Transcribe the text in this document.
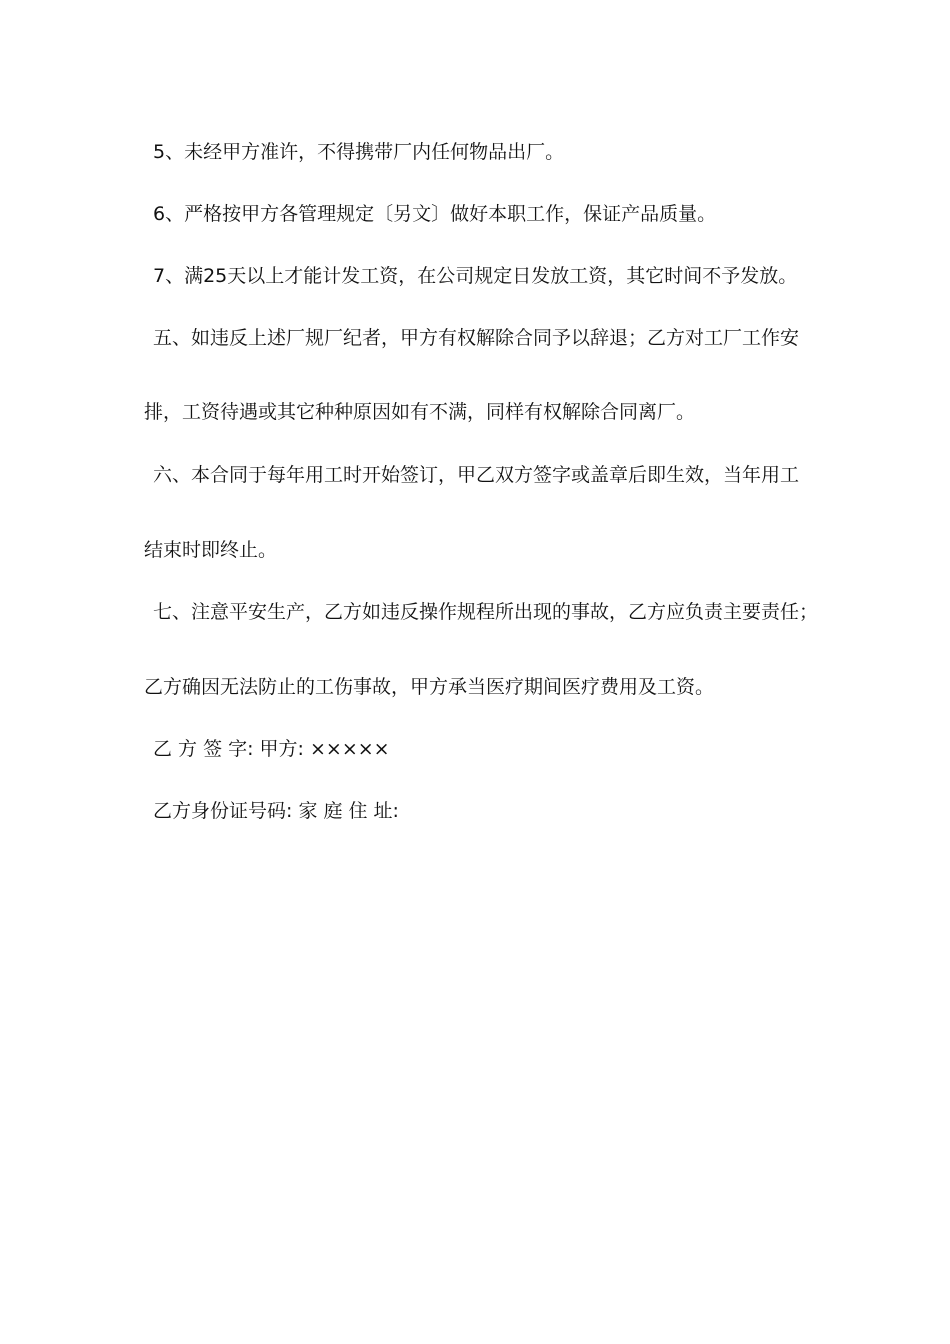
5、未经甲方准许，不得携带厂内任何物品出厂。
6、严格按甲方各管理规定〔另文〕做好本职工作，保证产品质量。
7、满25天以上才能计发工资，在公司规定日发放工资，其它时间不予发放。
五、如违反上述厂规厂纪者，甲方有权解除合同予以辞退；乙方对工厂工作安
排，工资待遇或其它种种原因如有不满，同样有权解除合同离厂。
六、本合同于每年用工时开始签订，甲乙双方签字或盖章后即生效，当年用工
结束时即终止。
七、注意平安生产，乙方如违反操作规程所出现的事故，乙方应负责主要责任；
乙方确因无法防止的工伤事故，甲方承当医疗期间医疗费用及工资。
乙 方 签 字: 甲方: ×××××
乙方身份证号码: 家 庭 住 址:
